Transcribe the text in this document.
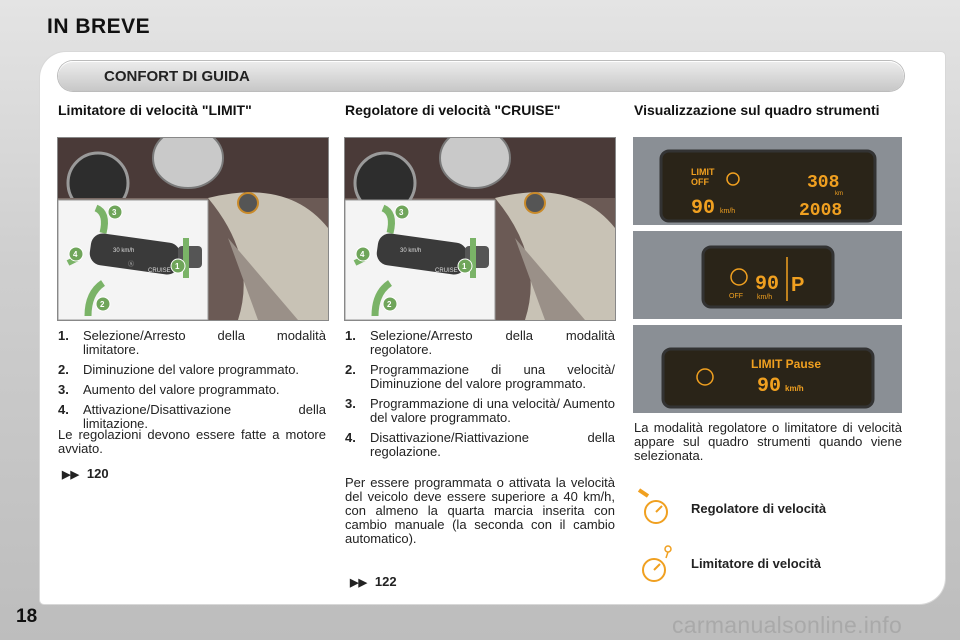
IN BREVE
CONFORT DI GUIDA
Limitatore di velocità "LIMIT"
30 km/h
Ⓢ
CRUISE
3
4
1
2
1. Selezione/Arresto della modalità limitatore.
2. Diminuzione del valore programmato.
3. Aumento del valore programmato.
4. Attivazione/Disattivazione della limitazione.

Le regolazioni devono essere fatte a motore avviato.

▶▶ 120
Regolatore di velocità "CRUISE"
30 km/h
CRUISE
3
4
1
2
1. Selezione/Arresto della modalità regolatore.
2. Programmazione di una velocità/ Diminuzione del valore programmato.
3. Programmazione di una velocità/ Aumento del valore programmato.
4. Disattivazione/Riattivazione della regolazione.

Per essere programmata o attivata la velocità del veicolo deve essere superiore a 40 km/h, con almeno la quarta marcia inserita con cambio manuale (la seconda con il cambio automatico).

▶▶ 122
Visualizzazione sul quadro strumenti
LIMIT
OFF
90 km/h
308
km
2008
OFF
90
km/h
P
LIMIT Pause
90 km/h

La modalità regolatore o limitatore di velocità appare sul quadro strumenti quando viene selezionata.

Regolatore di velocità
Limitatore di velocità
18	carmanualsonline.info
